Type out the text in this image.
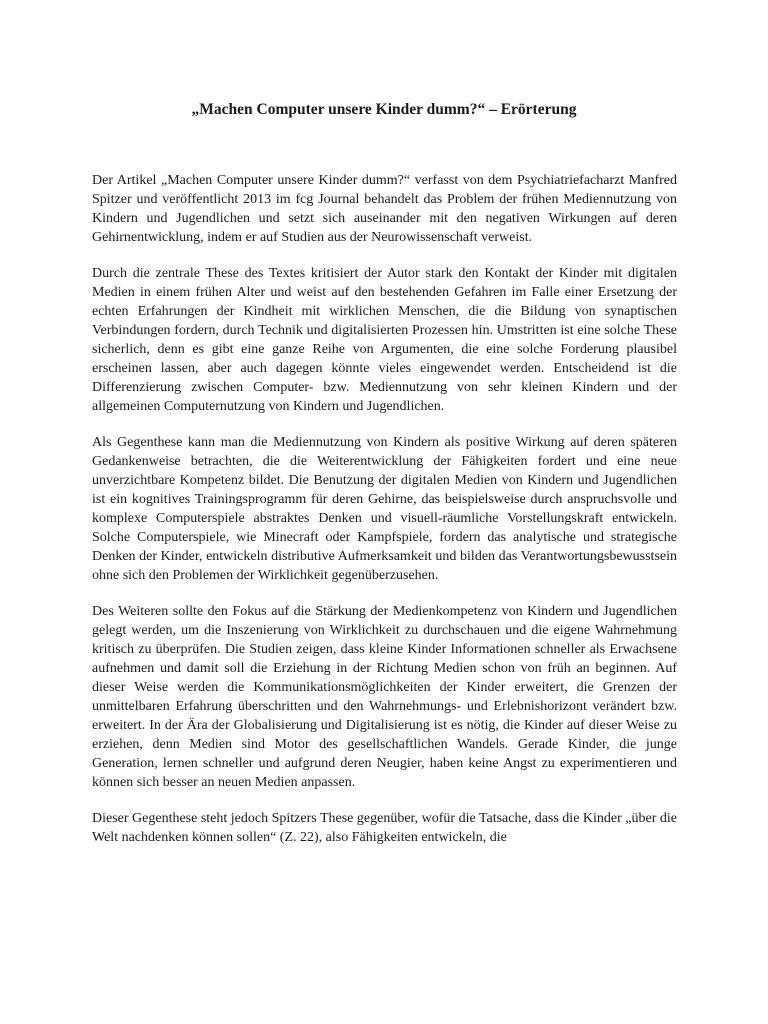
„Machen Computer unsere Kinder dumm?“ – Erörterung

Der Artikel „Machen Computer unsere Kinder dumm?“ verfasst von dem Psychiatriefacharzt Manfred Spitzer und veröffentlicht 2013 im fcg Journal behandelt das Problem der frühen Mediennutzung von Kindern und Jugendlichen und setzt sich auseinander mit den negativen Wirkungen auf deren Gehirnentwicklung, indem er auf Studien aus der Neurowissenschaft verweist.

Durch die zentrale These des Textes kritisiert der Autor stark den Kontakt der Kinder mit digitalen Medien in einem frühen Alter und weist auf den bestehenden Gefahren im Falle einer Ersetzung der echten Erfahrungen der Kindheit mit wirklichen Menschen, die die Bildung von synaptischen Verbindungen fordern, durch Technik und digitalisierten Prozessen hin. Umstritten ist eine solche These sicherlich, denn es gibt eine ganze Reihe von Argumenten, die eine solche Forderung plausibel erscheinen lassen, aber auch dagegen könnte vieles eingewendet werden. Entscheidend ist die Differenzierung zwischen Computer- bzw. Mediennutzung von sehr kleinen Kindern und der allgemeinen Computernutzung von Kindern und Jugendlichen.

Als Gegenthese kann man die Mediennutzung von Kindern als positive Wirkung auf deren späteren Gedankenweise betrachten, die die Weiterentwicklung der Fähigkeiten fordert und eine neue unverzichtbare Kompetenz bildet. Die Benutzung der digitalen Medien von Kindern und Jugendlichen ist ein kognitives Trainingsprogramm für deren Gehirne, das beispielsweise durch anspruchsvolle und komplexe Computerspiele abstraktes Denken und visuell-räumliche Vorstellungskraft entwickeln. Solche Computerspiele, wie Minecraft oder Kampfspiele, fordern das analytische und strategische Denken der Kinder, entwickeln distributive Aufmerksamkeit und bilden das Verantwortungsbewusstsein ohne sich den Problemen der Wirklichkeit gegenüberzusehen.

Des Weiteren sollte den Fokus auf die Stärkung der Medienkompetenz von Kindern und Jugendlichen gelegt werden, um die Inszenierung von Wirklichkeit zu durchschauen und die eigene Wahrnehmung kritisch zu überprüfen. Die Studien zeigen, dass kleine Kinder Informationen schneller als Erwachsene aufnehmen und damit soll die Erziehung in der Richtung Medien schon von früh an beginnen. Auf dieser Weise werden die Kommunikationsmöglichkeiten der Kinder erweitert, die Grenzen der unmittelbaren Erfahrung überschritten und den Wahrnehmungs- und Erlebnishorizont verändert bzw. erweitert. In der Ära der Globalisierung und Digitalisierung ist es nötig, die Kinder auf dieser Weise zu erziehen, denn Medien sind Motor des gesellschaftlichen Wandels. Gerade Kinder, die junge Generation, lernen schneller und aufgrund deren Neugier, haben keine Angst zu experimentieren und können sich besser an neuen Medien anpassen.

Dieser Gegenthese steht jedoch Spitzers These gegenüber, wofür die Tatsache, dass die Kinder „über die Welt nachdenken können sollen“ (Z. 22), also Fähigkeiten entwickeln, die
